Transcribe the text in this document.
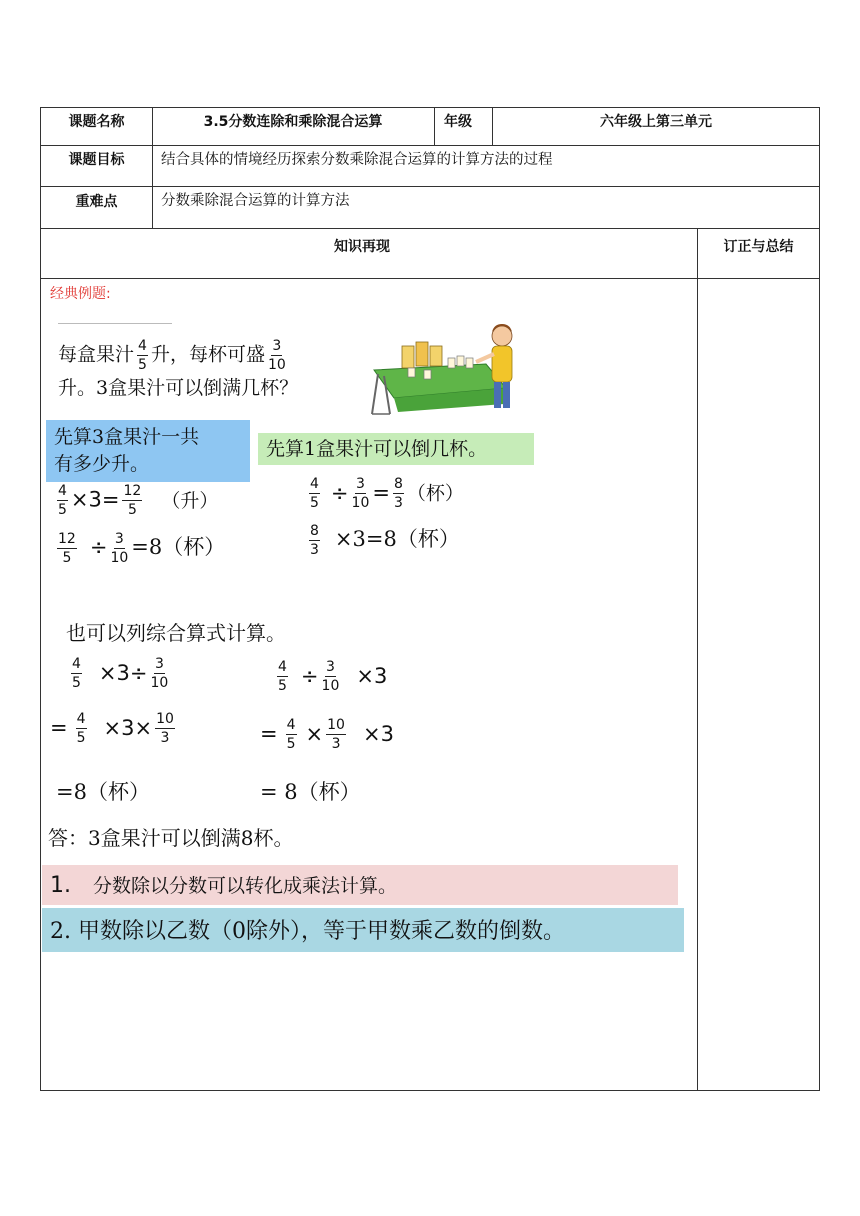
课题名称	3.5分数连除和乘除混合运算	年级	六年级上第三单元
课题目标	结合具体的情境经历探索分数乘除混合运算的计算方法的过程
重难点	分数乘除混合运算的计算方法
知识再现	订正与总结
经典例题:
每盒果汁 $\frac{4}{5}$ 升，每杯可盛 $\frac{3}{10}$
升。3盒果汁可以倒满几杯？
先算3盒果汁一共
有多少升。
先算1盒果汁可以倒几杯。
$\frac{4}{5} \times 3= \frac{12}{5}$ （升）
$\frac{12}{5} \div \frac{3}{10} =8$（杯）
$\frac{4}{5} \div \frac{3}{10} = \frac{8}{3}$ （杯）
$\frac{8}{3} \times 3=8$（杯）
也可以列综合算式计算。
$\frac{4}{5} \times 3\div \frac{3}{10}$
= $\frac{4}{5} \times 3\times \frac{10}{3}$
=8（杯）
$\frac{4}{5} \div \frac{3}{10} \times 3$
= $\frac{4}{5} \times \frac{10}{3} \times 3$
= 8（杯）
答：3盒果汁可以倒满8杯。
1. 分数除以分数可以转化成乘法计算。
2. 甲数除以乙数（0除外），等于甲数乘乙数的倒数。
